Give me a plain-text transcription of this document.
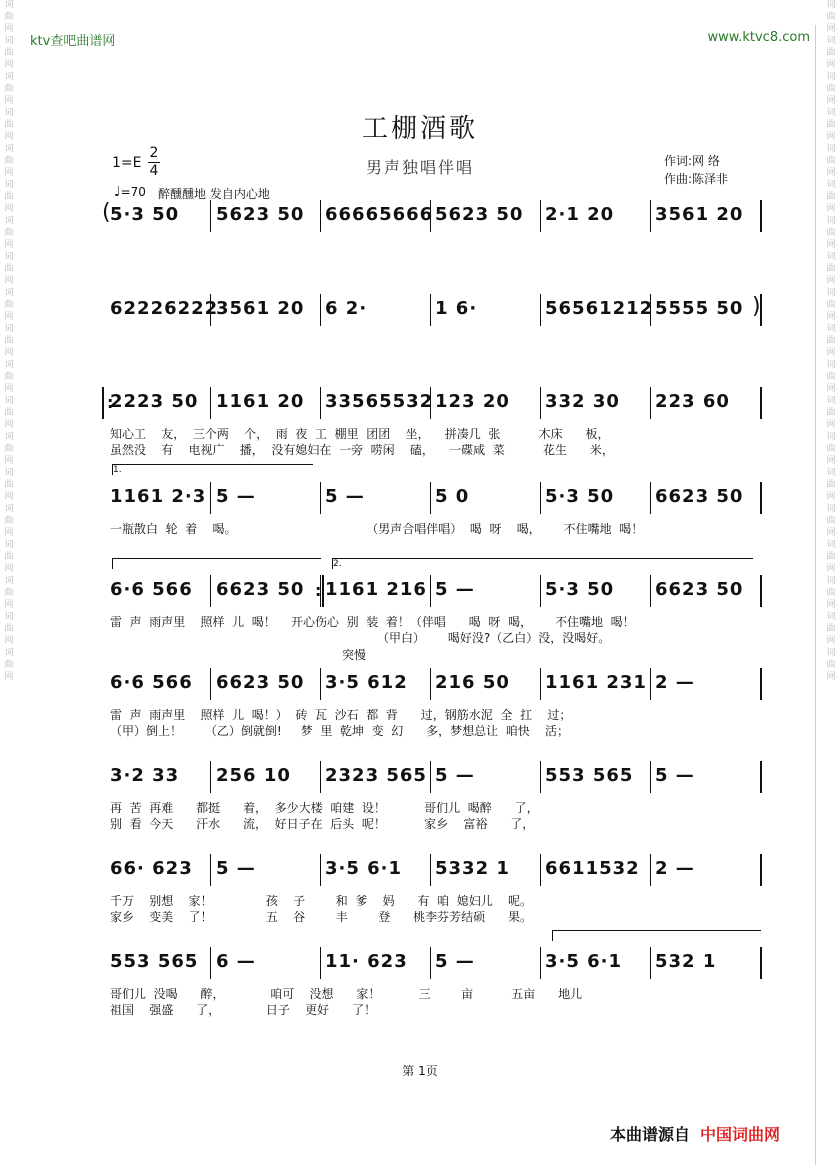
词
曲
网
词
曲
网
词
曲
网
词
曲
网
词
曲
网
词
曲
网
词
曲
网
词
曲
网
词
曲
网
词
曲
网
词
曲
网
词
曲
网
词
曲
网
词
曲
网
词
曲
网
词
曲
网
词
曲
网
词
曲
网
词
曲
网
词
曲
网
词
曲
网
词
曲
网
词
曲
网
词
曲
网
词
曲
网
词
曲
网
词
曲
网
词
曲
网
词
曲
网
词
曲
网
词
曲
网
词
曲
网
词
曲
网
词
曲
网
词
曲
网
词
曲
网
词
曲
网
词
曲
网
ktv查吧曲谱网	www.ktvc8.com
工棚酒歌
男声独唱伴唱
1=E
2
4
♩=70 醉醺醺地 发自内心地
作词:网 络
作曲:陈泽非
5·3 50 5623 50 66665666 5623 50 2·1 20 3561 20
(
62226222
3561 20 6 2·	1 6·	56561212 5555 50 )
2223 50 1161 20 33565532 123 20 332 30 223 60
:
知心工    友，  三个两    个，  雨  夜  工  棚里  团团    坐，    拼凑几  张          木床      板，
虽然没    有    电视广    播，  没有媳妇在  一旁  唠闲    磕，    一碟咸  菜          花生      米，
1161 2·3 5 —	5 —	5 0	5·3 50 6623 50
一瓶散白  轮  着    喝。                                  （男声合唱伴唱）  喝  呀    喝，      不住嘴地  喝！
6·6 566 6623 50 1161 216 5 —	5·3 50 6623 50
:
雷  声  雨声里    照样  儿  喝！    开心伤心  别  装  着！（伴唱      喝  呀  喝，      不住嘴地  喝！
（甲白）      喝好没?（乙白）没，没喝好。
6·6 566 6623 50 3·5 612 216 50 1161 231 2 —
雷  声  雨声里    照样  儿  喝！）  砖  瓦  沙石  都  背      过，钢筋水泥  全  扛    过；
（甲）倒上！      （乙）倒就倒!     梦  里  乾坤  变  幻      多，梦想总让  咱快    活；
3·2 33 256 10 2323 565 5 —	553 565 5 —
再  苦  再难      都挺      着，  多少大楼  咱建  设！          哥们儿  喝醉      了，
别  看  今天      汗水      流，  好日子在  后头  呢！          家乡    富裕      了，
66· 623 5 —	3·5 6·1 5332 1 6611532 2 —
千万    别想    家！              孩    子        和  爹    妈      有  咱  媳妇儿    呢。
家乡    变美    了！              五    谷        丰        登      桃李芬芳结硕      果。
553 565 6 —	11· 623 5 —	3·5 6·1 532 1
哥们儿  没喝      醉，            咱可    没想      家！          三        亩          五亩      地儿
祖国    强盛      了，            日子    更好      了！
1.
2.
突慢
第 1页
本曲谱源自 中国词曲网
